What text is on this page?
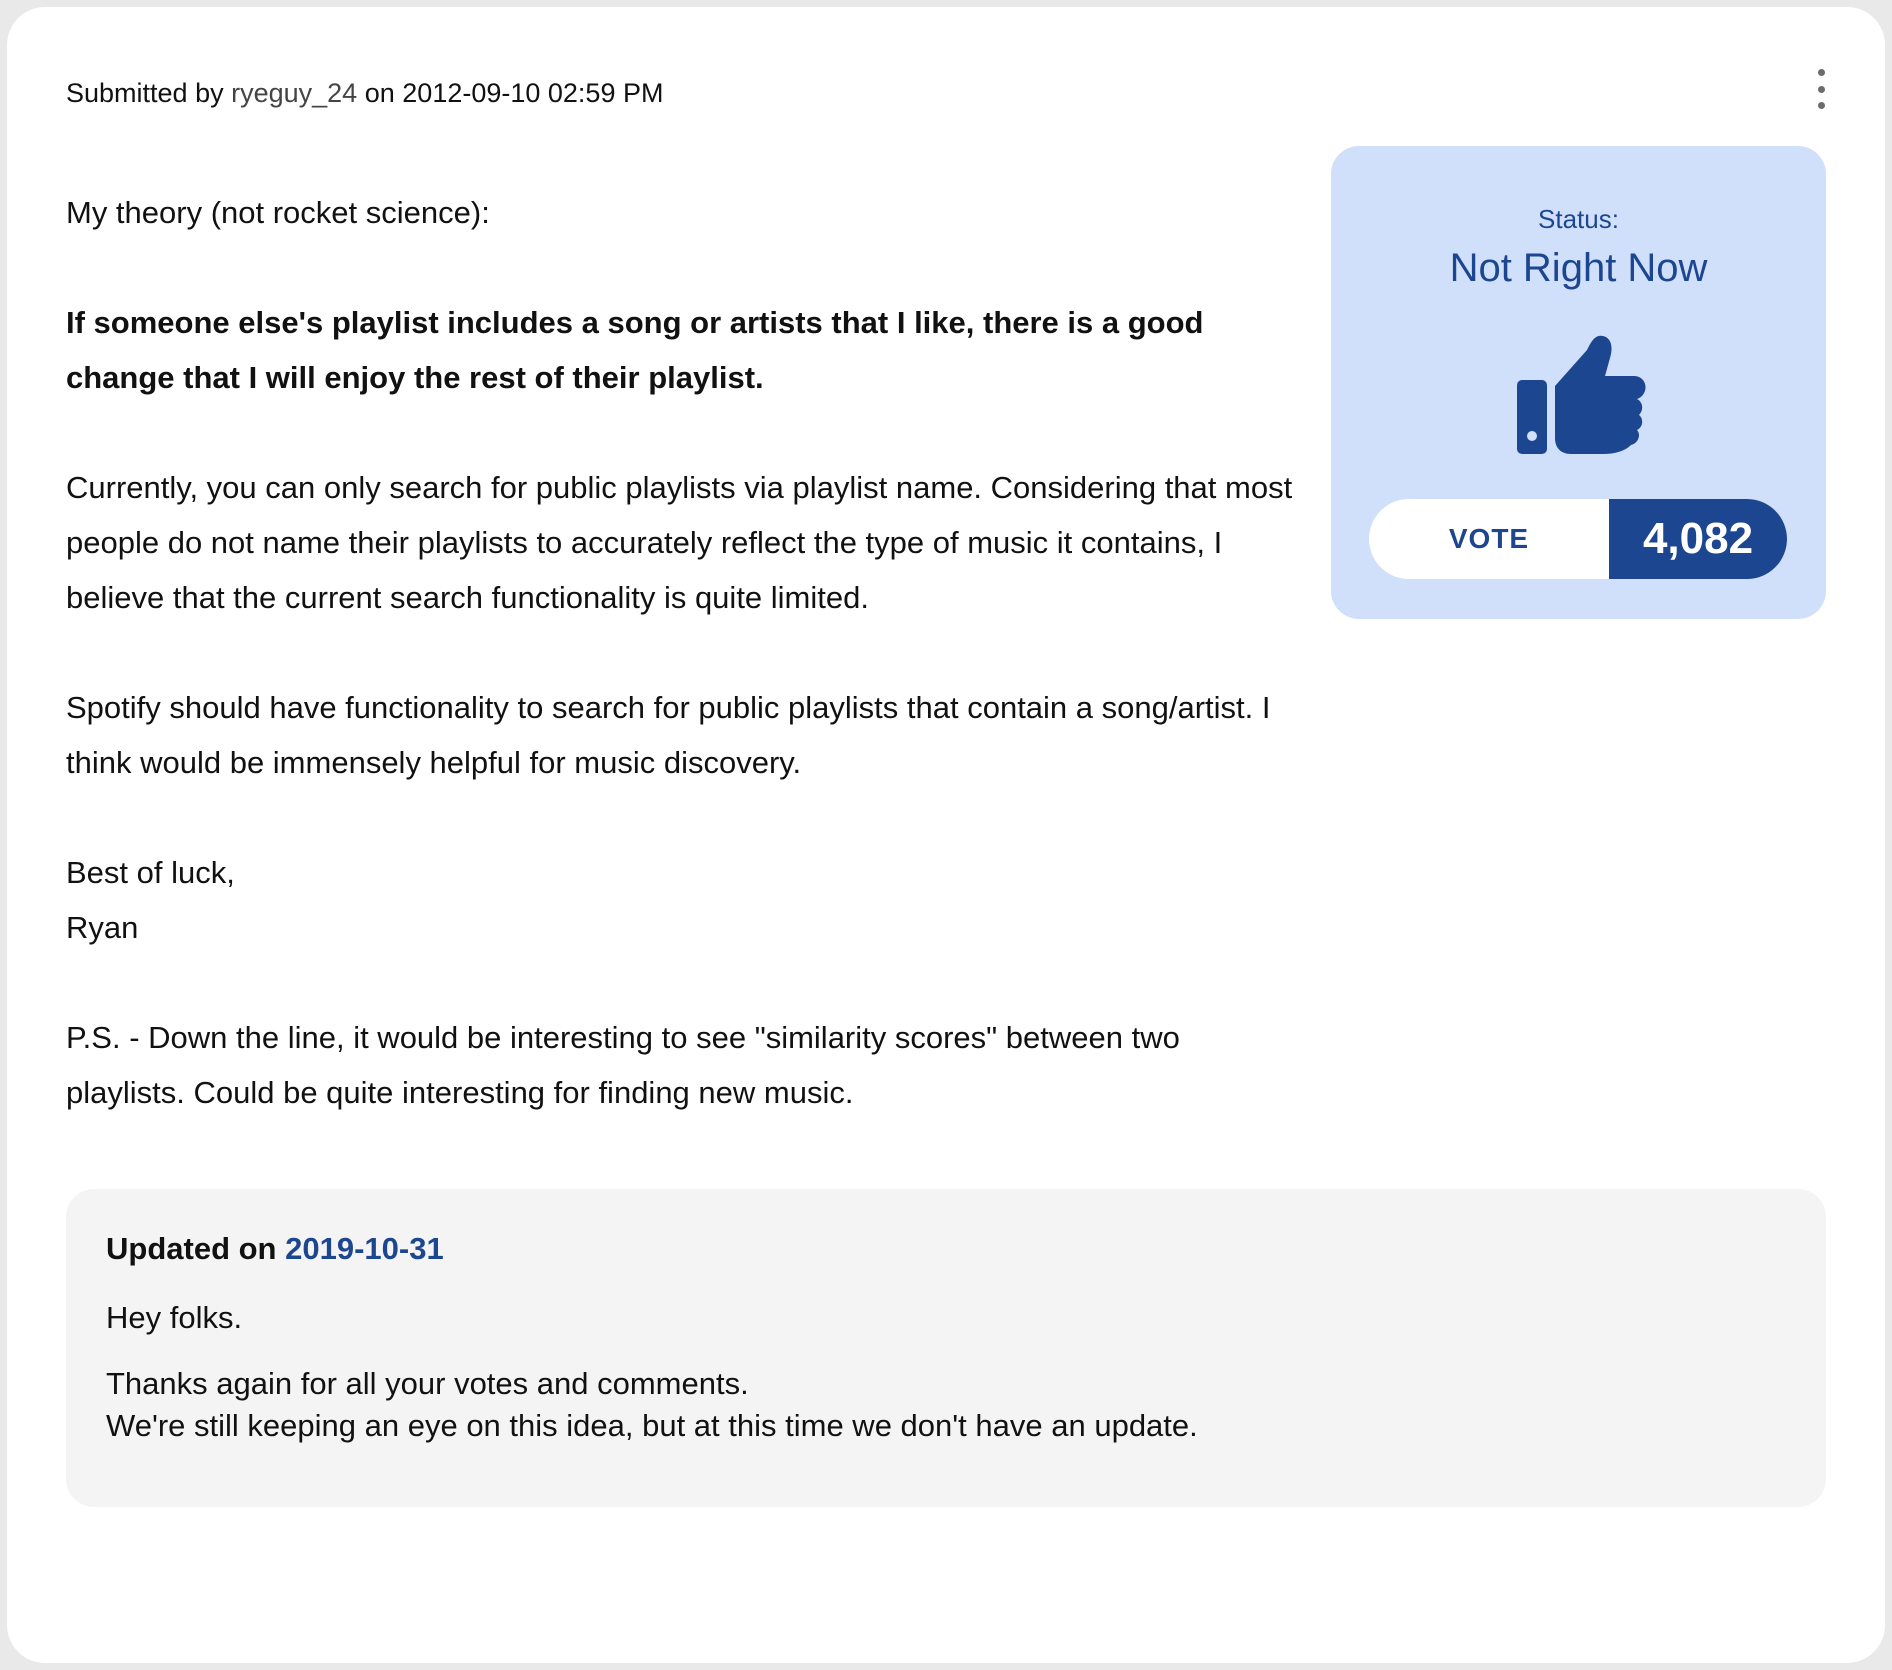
Submitted by ryeguy_24 on 2012-09-10 02:59 PM

My theory (not rocket science):

If someone else's playlist includes a song or artists that I like, there is a good change that I will enjoy the rest of their playlist.

Currently, you can only search for public playlists via playlist name. Considering that most people do not name their playlists to accurately reflect the type of music it contains, I believe that the current search functionality is quite limited.

Spotify should have functionality to search for public playlists that contain a song/artist. I think would be immensely helpful for music discovery.

Best of luck,
Ryan

P.S. - Down the line, it would be interesting to see "similarity scores" between two playlists. Could be quite interesting for finding new music.

Status:
Not Right Now
VOTE	4,082
Updated on 2019-10-31
Hey folks.
Thanks again for all your votes and comments.
We're still keeping an eye on this idea, but at this time we don't have an update.
